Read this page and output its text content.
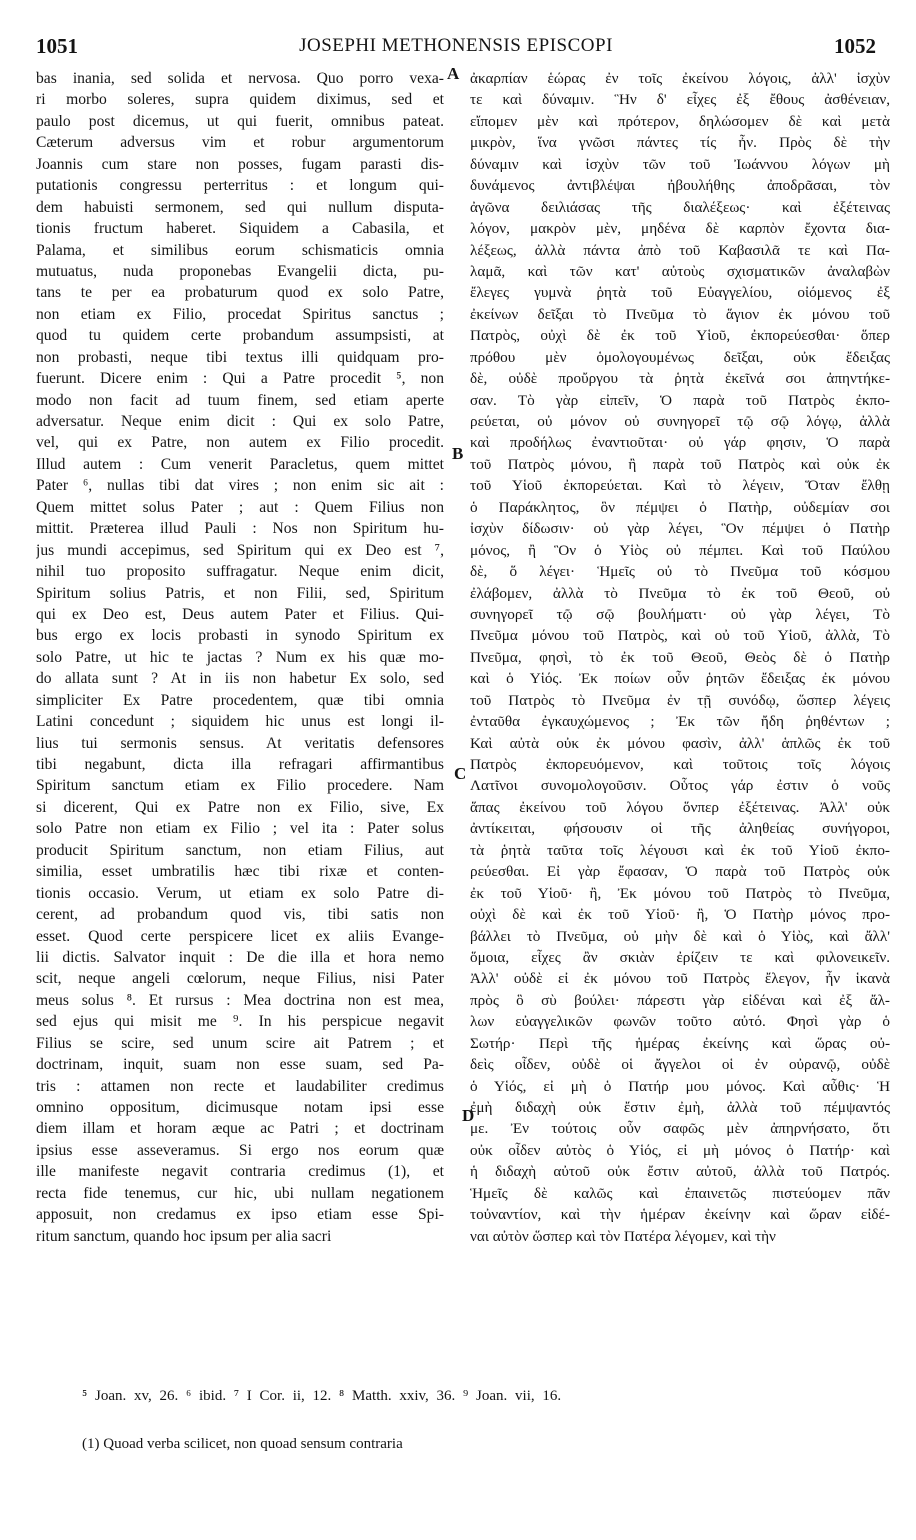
1051	JOSEPHI METHONENSIS EPISCOPI	1052
bas inania, sed solida et nervosa. Quo porro vexa-
ri morbo soleres, supra quidem diximus, sed et
paulo post dicemus, ut qui fuerit, omnibus pateat.
Cæterum adversus vim et robur argumentorum
Joannis cum stare non posses, fugam parasti dis-
putationis congressu perterritus : et longum qui-
dem habuisti sermonem, sed qui nullum disputa-
tionis fructum haberet. Siquidem a Cabasila, et
Palama, et similibus eorum schismaticis omnia
mutuatus, nuda proponebas Evangelii dicta, pu-
tans te per ea probaturum quod ex solo Patre,
non etiam ex Filio, procedat Spiritus sanctus ;
quod tu quidem certe probandum assumpsisti, at
non probasti, neque tibi textus illi quidquam pro-
fuerunt. Dicere enim : Qui a Patre procedit ⁵, non
modo non facit ad tuum finem, sed etiam aperte
adversatur. Neque enim dicit : Qui ex solo Patre,
vel, qui ex Patre, non autem ex Filio procedit.
Illud autem : Cum venerit Paracletus, quem mittet
Pater ⁶, nullas tibi dat vires ; non enim sic ait :
Quem mittet solus Pater ; aut : Quem Filius non
mittit. Præterea illud Pauli : Nos non Spiritum hu-
jus mundi accepimus, sed Spiritum qui ex Deo est ⁷,
nihil tuo proposito suffragatur. Neque enim dicit,
Spiritum solius Patris, et non Filii, sed, Spiritum
qui ex Deo est, Deus autem Pater et Filius. Qui-
bus ergo ex locis probasti in synodo Spiritum ex
solo Patre, ut hic te jactas ? Num ex his quæ mo-
do allata sunt ? At in iis non habetur Ex solo, sed
simpliciter Ex Patre procedentem, quæ tibi omnia
Latini concedunt ; siquidem hic unus est longi il-
lius tui sermonis sensus. At veritatis defensores
tibi negabunt, dicta illa refragari affirmantibus
Spiritum sanctum etiam ex Filio procedere. Nam
si dicerent, Qui ex Patre non ex Filio, sive, Ex
solo Patre non etiam ex Filio ; vel ita : Pater solus
producit Spiritum sanctum, non etiam Filius, aut
similia, esset umbratilis hæc tibi rixæ et conten-
tionis occasio. Verum, ut etiam ex solo Patre di-
cerent, ad probandum quod vis, tibi satis non
esset. Quod certe perspicere licet ex aliis Evange-
lii dictis. Salvator inquit : De die illa et hora nemo
scit, neque angeli cœlorum, neque Filius, nisi Pater
meus solus ⁸. Et rursus : Mea doctrina non est mea,
sed ejus qui misit me ⁹. In his perspicue negavit
Filius se scire, sed unum scire ait Patrem ; et
doctrinam, inquit, suam non esse suam, sed Pa-
tris : attamen non recte et laudabiliter credimus
omnino oppositum, dicimusque notam ipsi esse
diem illam et horam æque ac Patri ; et doctrinam
ipsius esse asseveramus. Si ergo nos eorum quæ
ille manifeste negavit contraria credimus (1), et
recta fide tenemus, cur hic, ubi nullam negationem
apposuit, non credamus ex ipso etiam esse Spi-
ritum sanctum, quando hoc ipsum per alia sacri
ἀκαρπίαν ἑώρας ἐν τοῖς ἐκείνου λόγοις, ἀλλ' ἰσχὺν
τε καὶ δύναμιν. Ἣν δ' εἶχες ἐξ ἔθους ἀσθένειαν,
εἴπομεν μὲν καὶ πρότερον, δηλώσομεν δὲ καὶ μετὰ
μικρὸν, ἵνα γνῶσι πάντες τίς ἦν. Πρὸς δὲ τὴν
δύναμιν καὶ ἰσχὺν τῶν τοῦ Ἰωάννου λόγων μὴ
δυνάμενος ἀντιβλέψαι ἠβουλήθης ἀποδρᾶσαι, τὸν
ἀγῶνα δειλιάσας τῆς διαλέξεως· καὶ ἐξέτεινας
λόγον, μακρὸν μὲν, μηδένα δὲ καρπὸν ἔχοντα δια-
λέξεως, ἀλλὰ πάντα ἀπὸ τοῦ Καβασιλᾶ τε καὶ Πα-
λαμᾶ, καὶ τῶν κατ' αὐτοὺς σχισματικῶν ἀναλαβὼν
ἔλεγες γυμνὰ ῥητὰ τοῦ Εὐαγγελίου, οἰόμενος ἐξ
ἐκείνων δεῖξαι τὸ Πνεῦμα τὸ ἅγιον ἐκ μόνου τοῦ
Πατρὸς, οὐχὶ δὲ ἐκ τοῦ Υἱοῦ, ἐκπορεύεσθαι· ὅπερ
πρόθου μὲν ὁμολογουμένως δεῖξαι, οὐκ ἔδειξας
δὲ, οὐδὲ προὔργου τὰ ῥητὰ ἐκεῖνά σοι ἀπηντήκε-
σαν. Τὸ γὰρ εἰπεῖν, Ὁ παρὰ τοῦ Πατρὸς ἐκπο-
ρεύεται, οὐ μόνον οὐ συνηγορεῖ τῷ σῷ λόγῳ, ἀλλὰ
καὶ προδήλως ἐναντιοῦται· οὐ γάρ φησιν, Ὁ παρὰ
τοῦ Πατρὸς μόνου, ἢ παρὰ τοῦ Πατρὸς καὶ οὐκ ἐκ
τοῦ Υἱοῦ ἐκπορεύεται. Καὶ τὸ λέγειν, Ὅταν ἔλθῃ
ὁ Παράκλητος, ὃν πέμψει ὁ Πατὴρ, οὐδεμίαν σοι
ἰσχὺν δίδωσιν· οὐ γὰρ λέγει, Ὃν πέμψει ὁ Πατὴρ
μόνος, ἢ Ὃν ὁ Υἱὸς οὐ πέμπει. Καὶ τοῦ Παύλου
δὲ, ὅ λέγει· Ἡμεῖς οὐ τὸ Πνεῦμα τοῦ κόσμου
ἐλάβομεν, ἀλλὰ τὸ Πνεῦμα τὸ ἐκ τοῦ Θεοῦ, οὐ
συνηγορεῖ τῷ σῷ βουλήματι· οὐ γὰρ λέγει, Τὸ
Πνεῦμα μόνου τοῦ Πατρὸς, καὶ οὐ τοῦ Υἱοῦ, ἀλλὰ, Τὸ
Πνεῦμα, φησὶ, τὸ ἐκ τοῦ Θεοῦ, Θεὸς δὲ ὁ Πατὴρ
καὶ ὁ Υἱός. Ἐκ ποίων οὖν ῥητῶν ἔδειξας ἐκ μόνου
τοῦ Πατρὸς τὸ Πνεῦμα ἐν τῇ συνόδῳ, ὥσπερ λέγεις
ἐνταῦθα ἐγκαυχώμενος ; Ἐκ τῶν ἤδη ῥηθέντων ;
Καὶ αὐτὰ οὐκ ἐκ μόνου φασὶν, ἀλλ' ἁπλῶς ἐκ τοῦ
Πατρὸς ἐκπορευόμενον, καὶ τοῦτοις τοῖς λόγοις
Λατῖνοι συνομολογοῦσιν. Οὗτος γάρ ἐστιν ὁ νοῦς
ἅπας ἐκείνου τοῦ λόγου ὅνπερ ἐξέτεινας. Ἀλλ' οὐκ
ἀντίκειται, φήσουσιν οἱ τῆς ἀληθείας συνήγοροι,
τὰ ῥητὰ ταῦτα τοῖς λέγουσι καὶ ἐκ τοῦ Υἱοῦ ἐκπο-
ρεύεσθαι. Εἰ γὰρ ἔφασαν, Ὁ παρὰ τοῦ Πατρὸς οὐκ
ἐκ τοῦ Υἱοῦ· ἢ, Ἐκ μόνου τοῦ Πατρὸς τὸ Πνεῦμα,
οὐχὶ δὲ καὶ ἐκ τοῦ Υἱοῦ· ἢ, Ὁ Πατὴρ μόνος προ-
βάλλει τὸ Πνεῦμα, οὐ μὴν δὲ καὶ ὁ Υἱὸς, καὶ ἄλλ'
ὅμοια, εἶχες ἂν σκιὰν ἐρίζειν τε καὶ φιλονεικεῖν.
Ἀλλ' οὐδὲ εἰ ἐκ μόνου τοῦ Πατρὸς ἔλεγον, ἦν ἱκανὰ
πρὸς ὃ σὺ βούλει· πάρεστι γὰρ εἰδέναι καὶ ἐξ ἄλ-
λων εὐαγγελικῶν φωνῶν τοῦτο αὐτό. Φησὶ γὰρ ὁ
Σωτήρ· Περὶ τῆς ἡμέρας ἐκείνης καὶ ὥρας οὐ-
δεὶς οἶδεν, οὐδὲ οἱ ἄγγελοι οἱ ἐν οὐρανῷ, οὐδὲ
ὁ Υἱός, εἰ μὴ ὁ Πατήρ μου μόνος. Καὶ αὖθις· Ἡ
ἐμὴ διδαχὴ οὐκ ἔστιν ἐμὴ, ἀλλὰ τοῦ πέμψαντός
με. Ἐν τούτοις οὖν σαφῶς μὲν ἀπηρνήσατο, ὅτι
οὐκ οἶδεν αὐτὸς ὁ Υἱός, εἰ μὴ μόνος ὁ Πατήρ· καὶ
ἡ διδαχὴ αὐτοῦ οὐκ ἔστιν αὐτοῦ, ἀλλὰ τοῦ Πατρός.
Ἡμεῖς δὲ καλῶς καὶ ἐπαινετῶς πιστεύομεν πᾶν
τοὐναντίον, καὶ τὴν ἡμέραν ἐκείνην καὶ ὥραν εἰδέ-
ναι αὐτὸν ὥσπερ καὶ τὸν Πατέρα λέγομεν, καὶ τὴν
A
B
C
D
⁵ Joan. xv, 26. ⁶ ibid. ⁷ I Cor. ii, 12. ⁸ Matth. xxiv, 36. ⁹ Joan. vii, 16.
(1) Quoad verba scilicet, non quoad sensum contraria
